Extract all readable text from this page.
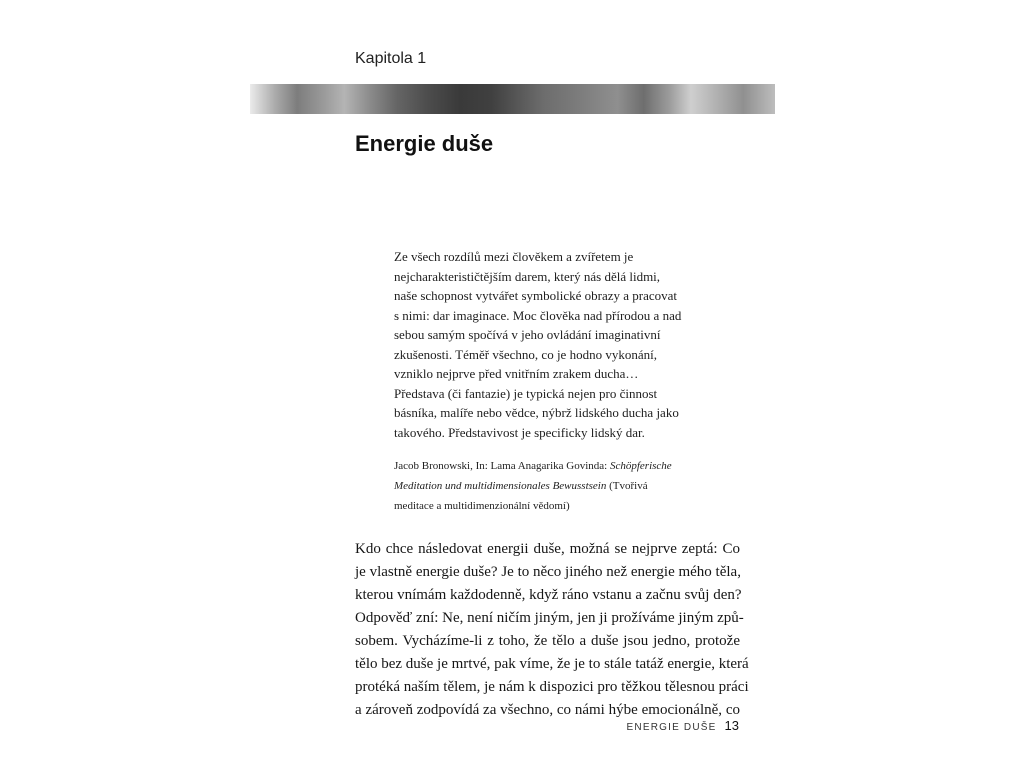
Kapitola 1
Energie duše
Ze všech rozdílů mezi člověkem a zvířetem je
nejcharakterističtějším darem, který nás dělá lidmi,
naše schopnost vytvářet symbolické obrazy a pracovat
s nimi: dar imaginace. Moc člověka nad přírodou a nad
sebou samým spočívá v jeho ovládání imaginativní
zkušenosti. Téměř všechno, co je hodno vykonání,
vzniklo nejprve před vnitřním zrakem ducha…
Představa (či fantazie) je typická nejen pro činnost
básníka, malíře nebo vědce, nýbrž lidského ducha jako
takového. Představivost je specificky lidský dar.
Jacob Bronowski, In: Lama Anagarika Govinda: Schöpferische
Meditation und multidimensionales Bewusstsein (Tvořivá
meditace a multidimenzionální vědomí)
Kdo chce následovat energii duše, možná se nejprve zeptá: Co
je vlastně energie duše? Je to něco jiného než energie mého těla,
kterou vnímám každodenně, když ráno vstanu a začnu svůj den?
Odpověď zní: Ne, není ničím jiným, jen ji prožíváme jiným způ-
sobem. Vycházíme-li z toho, že tělo a duše jsou jedno, protože
tělo bez duše je mrtvé, pak víme, že je to stále tatáž energie, která
protéká naším tělem, je nám k dispozici pro těžkou tělesnou práci
a zároveň zodpovídá za všechno, co námi hýbe emocionálně, co
ENERGIE DUŠE 13
